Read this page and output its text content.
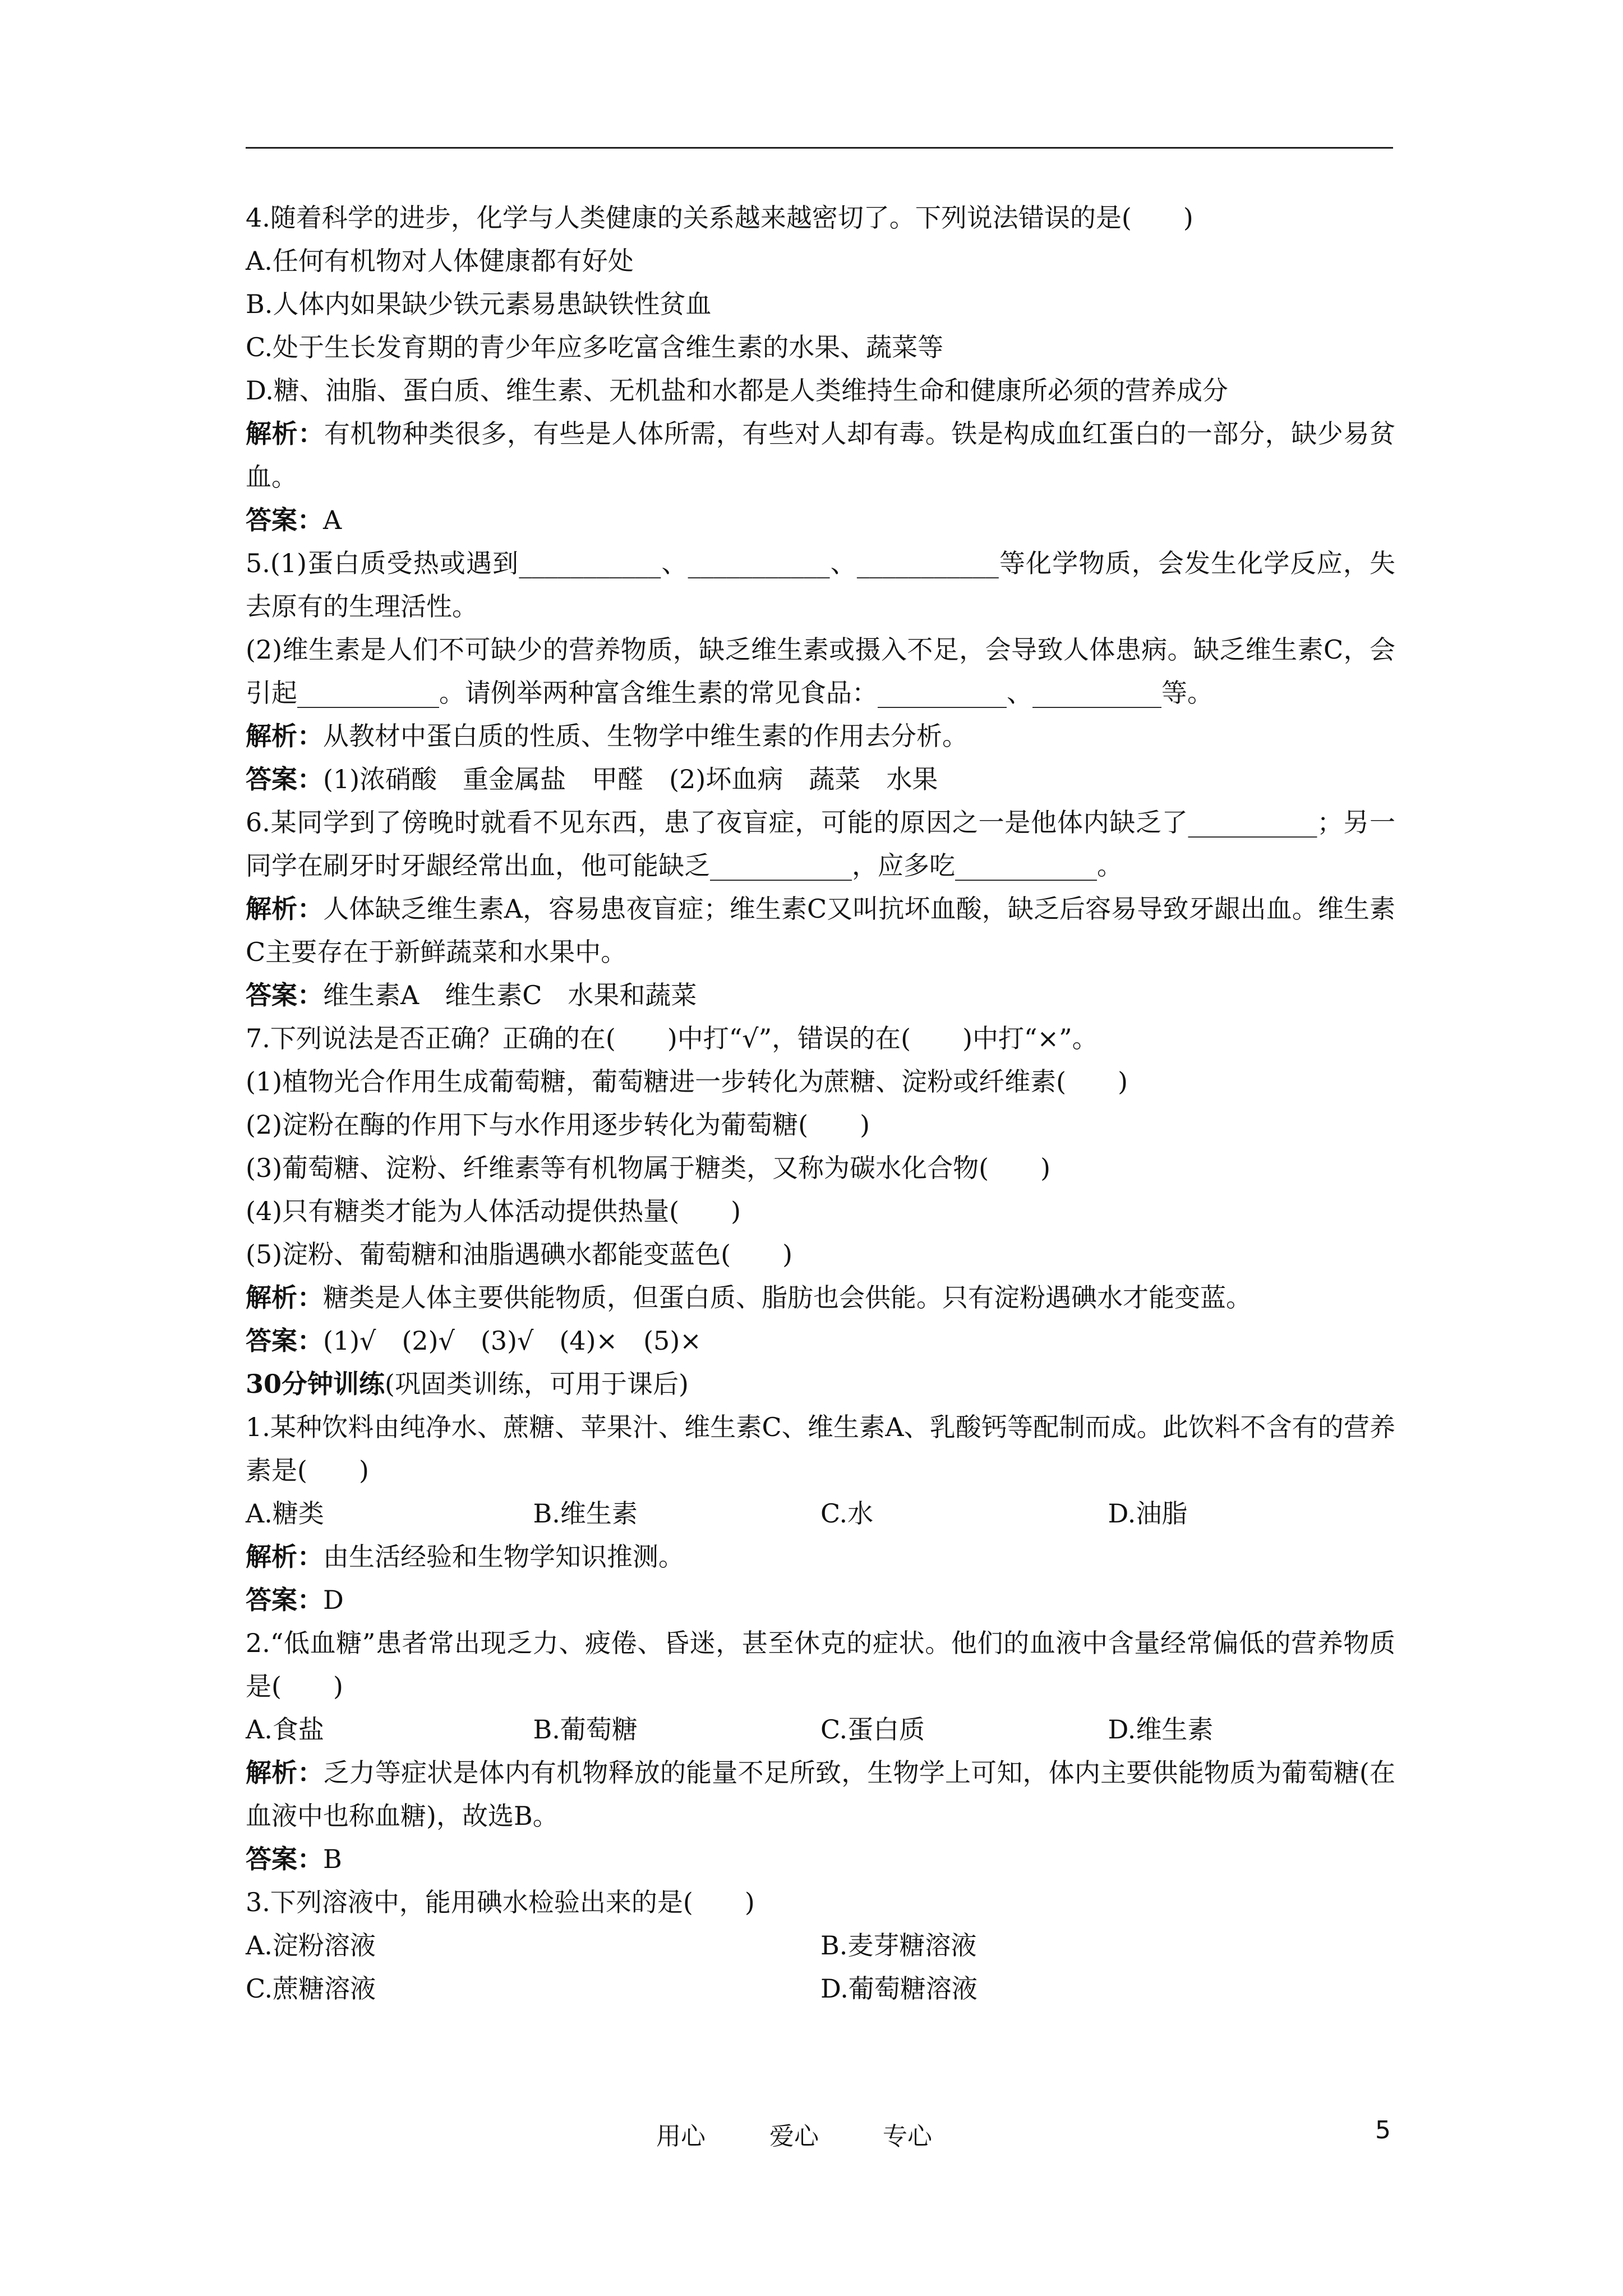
4.随着科学的进步，化学与人类健康的关系越来越密切了。下列说法错误的是(　　)
A.任何有机物对人体健康都有好处
B.人体内如果缺少铁元素易患缺铁性贫血
C.处于生长发育期的青少年应多吃富含维生素的水果、蔬菜等
D.糖、油脂、蛋白质、维生素、无机盐和水都是人类维持生命和健康所必须的营养成分
解析：有机物种类很多，有些是人体所需，有些对人却有毒。铁是构成血红蛋白的一部分，缺少易贫血。
答案：A
5.(1)蛋白质受热或遇到___________、___________、___________等化学物质，会发生化学反应，失去原有的生理活性。
(2)维生素是人们不可缺少的营养物质，缺乏维生素或摄入不足，会导致人体患病。缺乏维生素C，会引起___________。请例举两种富含维生素的常见食品：__________、__________等。
解析：从教材中蛋白质的性质、生物学中维生素的作用去分析。
答案：(1)浓硝酸　重金属盐　甲醛　(2)坏血病　蔬菜　水果
6.某同学到了傍晚时就看不见东西，患了夜盲症，可能的原因之一是他体内缺乏了__________；另一同学在刷牙时牙龈经常出血，他可能缺乏___________，应多吃___________。
解析：人体缺乏维生素A，容易患夜盲症；维生素C又叫抗坏血酸，缺乏后容易导致牙龈出血。维生素C主要存在于新鲜蔬菜和水果中。
答案：维生素A　维生素C　水果和蔬菜
7.下列说法是否正确？正确的在(　　)中打“√”，错误的在(　　)中打“×”。
(1)植物光合作用生成葡萄糖，葡萄糖进一步转化为蔗糖、淀粉或纤维素(　　)
(2)淀粉在酶的作用下与水作用逐步转化为葡萄糖(　　)
(3)葡萄糖、淀粉、纤维素等有机物属于糖类，又称为碳水化合物(　　)
(4)只有糖类才能为人体活动提供热量(　　)
(5)淀粉、葡萄糖和油脂遇碘水都能变蓝色(　　)
解析：糖类是人体主要供能物质，但蛋白质、脂肪也会供能。只有淀粉遇碘水才能变蓝。
答案：(1)√　(2)√　(3)√　(4)×　(5)×
30分钟训练(巩固类训练，可用于课后)
1.某种饮料由纯净水、蔗糖、苹果汁、维生素C、维生素A、乳酸钙等配制而成。此饮料不含有的营养素是(　　)
A.糖类	B.维生素	C.水	D.油脂
解析：由生活经验和生物学知识推测。
答案：D
2.“低血糖”患者常出现乏力、疲倦、昏迷，甚至休克的症状。他们的血液中含量经常偏低的营养物质是(　　)
A.食盐	B.葡萄糖	C.蛋白质	D.维生素
解析：乏力等症状是体内有机物释放的能量不足所致，生物学上可知，体内主要供能物质为葡萄糖(在血液中也称血糖)，故选B。
答案：B
3.下列溶液中，能用碘水检验出来的是(　　)
A.淀粉溶液	B.麦芽糖溶液
C.蔗糖溶液	D.葡萄糖溶液
用心	爱心	专心	5
